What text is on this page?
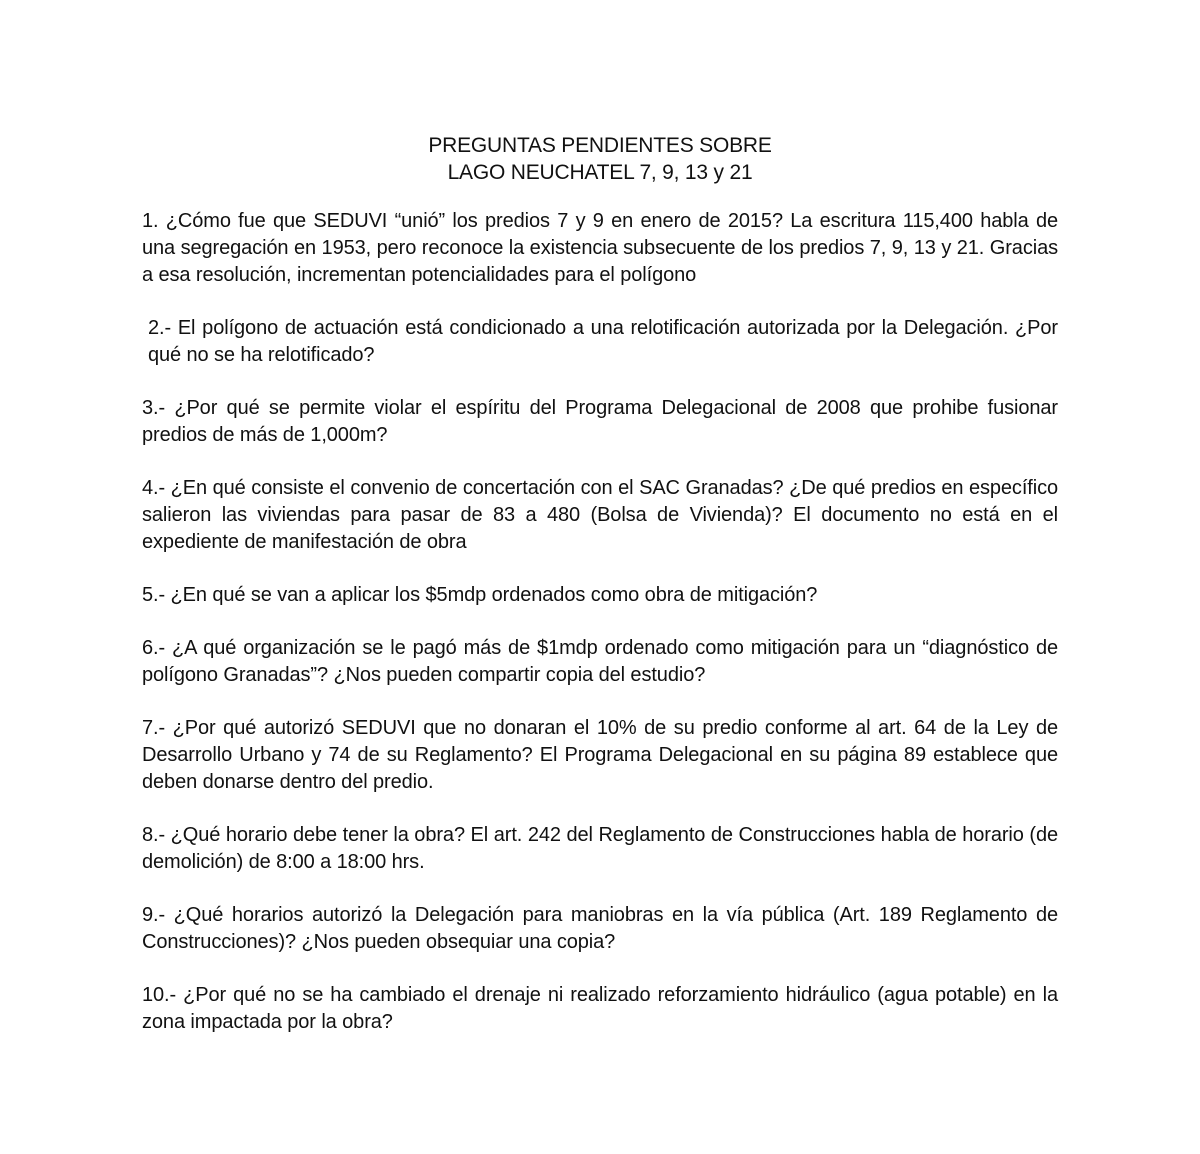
PREGUNTAS PENDIENTES SOBRE
LAGO NEUCHATEL 7, 9, 13 y 21

1. ¿Cómo fue que SEDUVI “unió” los predios 7 y 9 en enero de 2015? La escritura 115,400 habla de una segregación en 1953, pero reconoce la existencia subsecuente de los predios 7, 9, 13 y 21. Gracias a esa resolución, incrementan potencialidades para el polígono

2.- El polígono de actuación está condicionado a una relotificación autorizada por la Delegación. ¿Por qué no se ha relotificado?

3.- ¿Por qué se permite violar el espíritu del Programa Delegacional de 2008 que prohibe fusionar predios de más de 1,000m?

4.- ¿En qué consiste el convenio de concertación con el SAC Granadas? ¿De qué predios en específico salieron las viviendas para pasar de 83 a 480 (Bolsa de Vivienda)? El documento no está en el expediente de manifestación de obra

5.- ¿En qué se van a aplicar los $5mdp ordenados como obra de mitigación?

6.- ¿A qué organización se le pagó más de $1mdp ordenado como mitigación para un “diagnóstico de polígono Granadas”? ¿Nos pueden compartir copia del estudio?

7.- ¿Por qué autorizó SEDUVI que no donaran el 10% de su predio conforme al art. 64 de la Ley de Desarrollo Urbano y 74 de su Reglamento? El Programa Delegacional en su página 89 establece que deben donarse dentro del predio.

8.- ¿Qué horario debe tener la obra? El art. 242 del Reglamento de Construcciones habla de horario (de demolición) de 8:00 a 18:00 hrs.

9.- ¿Qué horarios autorizó la Delegación para maniobras en la vía pública (Art. 189 Reglamento de Construcciones)? ¿Nos pueden obsequiar una copia?

10.- ¿Por qué no se ha cambiado el drenaje ni realizado reforzamiento hidráulico (agua potable) en la zona impactada por la obra?
